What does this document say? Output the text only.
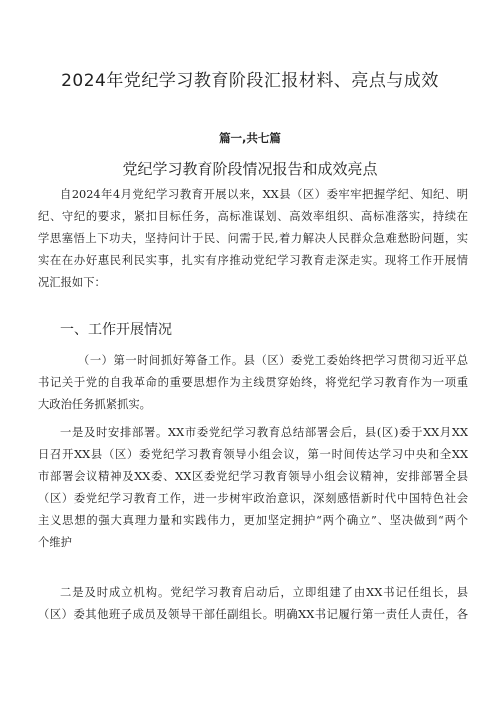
2024年党纪学习教育阶段汇报材料、亮点与成效
篇一,共七篇
党纪学习教育阶段情况报告和成效亮点
自2024年4月党纪学习教育开展以来，XX县（区）委牢牢把握学纪、知纪、明
纪、守纪的要求，紧扣目标任务，高标准谋划、高效率组织、高标准落实，持续在
学思塞悟上下功夫，坚持问计于民、问需于民,着力解决人民群众急难愁盼问题，实
实在在办好惠民利民实事，扎实有序推动党纪学习教育走深走实。现将工作开展情
况汇报如下：
一、工作开展情况
（一）第一时间抓好筹备工作。县（区）委党工委始终把学习贯彻习近平总
书记关于党的自我革命的重要思想作为主线贯穿始终，将党纪学习教育作为一项重
大政治任务抓紧抓实。
一是及时安排部署。XX市委党纪学习教育总结部署会后，县(区)委于XX月XX
日召开XX县（区）委党纪学习教育领导小组会议，第一时间传达学习中央和全XX
市部署会议精神及XX委、XX区委党纪学习教育领导小组会议精神，安排部署全县
（区）委党纪学习教育工作，进一步树牢政治意识，深刻感悟新时代中国特色社会
主义思想的强大真理力量和实践伟力，更加坚定拥护“两个确立”、坚决做到“两个
个维护
二是及时成立机构。党纪学习教育启动后，立即组建了由XX书记任组长，县
（区）委其他班子成员及领导干部任副组长。明确XX书记履行第一责任人责任，各
